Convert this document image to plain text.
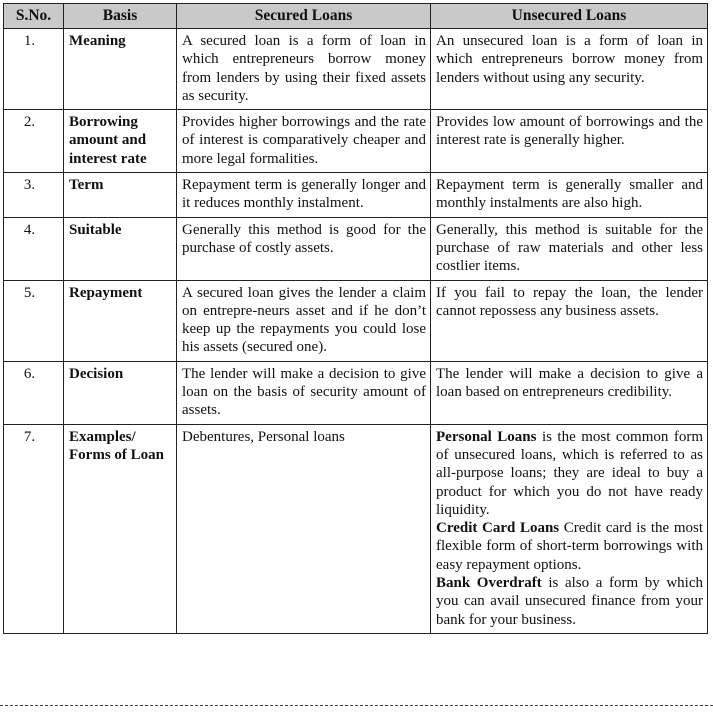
S.No.	Basis	Secured Loans	Unsecured Loans
1.	Meaning	A secured loan is a form of loan in which entrepreneurs borrow money from lenders by using their fixed assets as security.	An unsecured loan is a form of loan in which entrepreneurs borrow money from lenders without using any security.
2.	Borrowing amount and interest rate	Provides higher borrowings and the rate of interest is comparatively cheaper and more legal formalities.	Provides low amount of borrowings and the interest rate is generally higher.
3.	Term	Repayment term is generally longer and it reduces monthly instalment.	Repayment term is generally smaller and monthly instalments are also high.
4.	Suitable	Generally this method is good for the purchase of costly assets.	Generally, this method is suitable for the purchase of raw materials and other less costlier items.
5.	Repayment	A secured loan gives the lender a claim on entrepre-neurs asset and if he don’t keep up the repayments you could lose his assets (secured one).	If you fail to repay the loan, the lender cannot repossess any business assets.
6.	Decision	The lender will make a decision to give loan on the basis of security amount of assets.	The lender will make a decision to give a loan based on entrepreneurs credibility.
7.	Examples/ Forms of Loan	Debentures, Personal loans	Personal Loans is the most common form of unsecured loans, which is referred to as all-purpose loans; they are ideal to buy a product for which you do not have ready liquidity.

Credit Card Loans Credit card is the most flexible form of short-term borrowings with easy repayment options.

Bank Overdraft is also a form by which you can avail unsecured finance from your bank for your business.
